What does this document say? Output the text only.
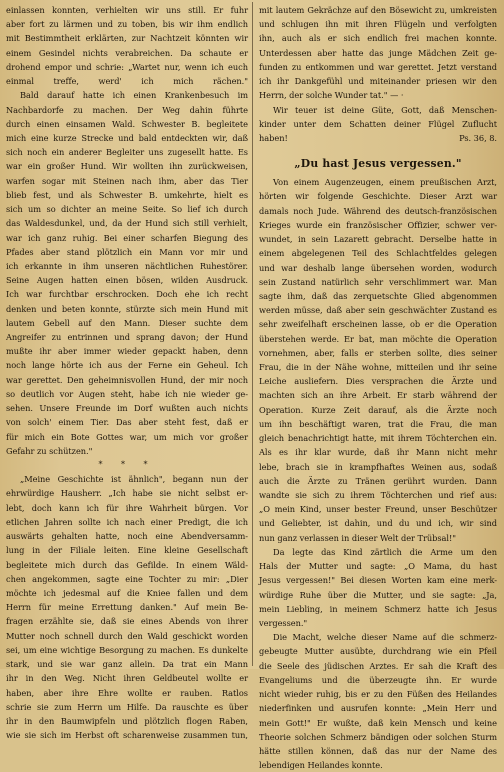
einlassen konnten, verhielten wir uns still. Er fuhr
aber fort zu lärmen und zu toben, bis wir ihm endlich
mit Bestimmtheit erklärten, zur Nachtzeit könnten wir
einem Gesindel nichts verabreichen. Da schaute er
drohend empor und schrie: „Wartet nur, wenn ich euch
einmal treffe, werd' ich mich rächen."
Bald darauf hatte ich einen Krankenbesuch im
Nachbardorfe zu machen. Der Weg dahin führte
durch einen einsamen Wald. Schwester B. begleitete
mich eine kurze Strecke und bald entdeckten wir, daß
sich noch ein anderer Begleiter uns zugesellt hatte. Es
war ein großer Hund. Wir wollten ihn zurückweisen,
warfen sogar mit Steinen nach ihm, aber das Tier
blieb fest, und als Schwester B. umkehrte, hielt es
sich um so dichter an meine Seite. So lief ich durch
das Waldesdunkel, und, da der Hund sich still verhielt,
war ich ganz ruhig. Bei einer scharfen Biegung des
Pfades aber stand plötzlich ein Mann vor mir und
ich erkannte in ihm unseren nächtlichen Ruhestörer.
Seine Augen hatten einen bösen, wilden Ausdruck.
Ich war furchtbar erschrocken. Doch ehe ich recht
denken und beten konnte, stürzte sich mein Hund mit
lautem Gebell auf den Mann. Dieser suchte dem
Angreifer zu entrinnen und sprang davon; der Hund
mußte ihr aber immer wieder gepackt haben, denn
noch lange hörte ich aus der Ferne ein Geheul. Ich
war gerettet. Den geheimnisvollen Hund, der mir noch
so deutlich vor Augen steht, habe ich nie wieder ge-
sehen. Unsere Freunde im Dorf wußten auch nichts
von solch' einem Tier. Das aber steht fest, daß er
für mich ein Bote Gottes war, um mich vor großer
Gefahr zu schützen."
* * *
„Meine Geschichte ist ähnlich", begann nun der
ehrwürdige Hausherr. „Ich habe sie nicht selbst er-
lebt, doch kann ich für ihre Wahrheit bürgen. Vor
etlichen Jahren sollte ich nach einer Predigt, die ich
auswärts gehalten hatte, noch eine Abendversamm-
lung in der Filiale leiten. Eine kleine Gesellschaft
begleitete mich durch das Gefilde. In einem Wäld-
chen angekommen, sagte eine Tochter zu mir: „Dier
möchte ich jedesmal auf die Kniee fallen und dem
Herrn für meine Errettung danken." Auf mein Be-
fragen erzählte sie, daß sie eines Abends von ihrer
Mutter noch schnell durch den Wald geschickt worden
sei, um eine wichtige Besorgung zu machen. Es dunkelte
stark, und sie war ganz allein. Da trat ein Mann
ihr in den Weg. Nicht ihren Geldbeutel wollte er
haben, aber ihre Ehre wollte er rauben. Ratlos
schrie sie zum Herrn um Hilfe. Da rauschte es über
ihr in den Baumwipfeln und plötzlich flogen Raben,
wie sie sich im Herbst oft scharenweise zusammen tun,
mit lautem Gekrächze auf den Bösewicht zu, umkreisten
und schlugen ihn mit ihren Flügeln und verfolgten
ihn, auch als er sich endlich frei machen konnte.
Unterdessen aber hatte das junge Mädchen Zeit ge-
funden zu entkommen und war gerettet. Jetzt verstand
ich ihr Dankgefühl und miteinander priesen wir den
Herrn, der solche Wunder tat." — ·
Wir teuer ist deine Güte, Gott, daß Menschen-
kinder unter dem Schatten deiner Flügel Zuflucht
haben!	Ps. 36, 8.
„Du hast Jesus vergessen."
Von einem Augenzeugen, einem preußischen Arzt,
hörten wir folgende Geschichte. Dieser Arzt war
damals noch Jude. Während des deutsch-französischen
Krieges wurde ein französischer Offizier, schwer ver-
wundet, in sein Lazarett gebracht. Derselbe hatte in
einem abgelegenen Teil des Schlachtfeldes gelegen
und war deshalb lange übersehen worden, wodurch
sein Zustand natürlich sehr verschlimmert war. Man
sagte ihm, daß das zerquetschte Glied abgenommen
werden müsse, daß aber sein geschwächter Zustand es
sehr zweifelhaft erscheinen lasse, ob er die Operation
überstehen werde. Er bat, man möchte die Operation
vornehmen, aber, falls er sterben sollte, dies seiner
Frau, die in der Nähe wohne, mitteilen und ihr seine
Leiche ausliefern. Dies versprachen die Ärzte und
machten sich an ihre Arbeit. Er starb während der
Operation. Kurze Zeit darauf, als die Ärzte noch
um ihn beschäftigt waren, trat die Frau, die man
gleich benachrichtigt hatte, mit ihrem Töchterchen ein.
Als es ihr klar wurde, daß ihr Mann nicht mehr
lebe, brach sie in krampfhaftes Weinen aus, sodaß
auch die Ärzte zu Tränen gerührt wurden. Dann
wandte sie sich zu ihrem Töchterchen und rief aus:
„O mein Kind, unser bester Freund, unser Beschützer
und Geliebter, ist dahin, und du und ich, wir sind
nun ganz verlassen in dieser Welt der Trübsal!"
Da legte das Kind zärtlich die Arme um den
Hals der Mutter und sagte: „O Mama, du hast
Jesus vergessen!" Bei diesen Worten kam eine merk-
würdige Ruhe über die Mutter, und sie sagte: „Ja,
mein Liebling, in meinem Schmerz hatte ich Jesus
vergessen."
Die Macht, welche dieser Name auf die schmerz-
gebeugte Mutter ausübte, durchdrang wie ein Pfeil
die Seele des jüdischen Arztes. Er sah die Kraft des
Evangeliums und die überzeugte ihn. Er wurde
nicht wieder ruhig, bis er zu den Füßen des Heilandes
niederfinken und ausrufen konnte: „Mein Herr und
mein Gott!" Er wußte, daß kein Mensch und keine
Theorie solchen Schmerz bändigen oder solchen Sturm
hätte stillen können, daß das nur der Name des
lebendigen Heilandes konnte.
